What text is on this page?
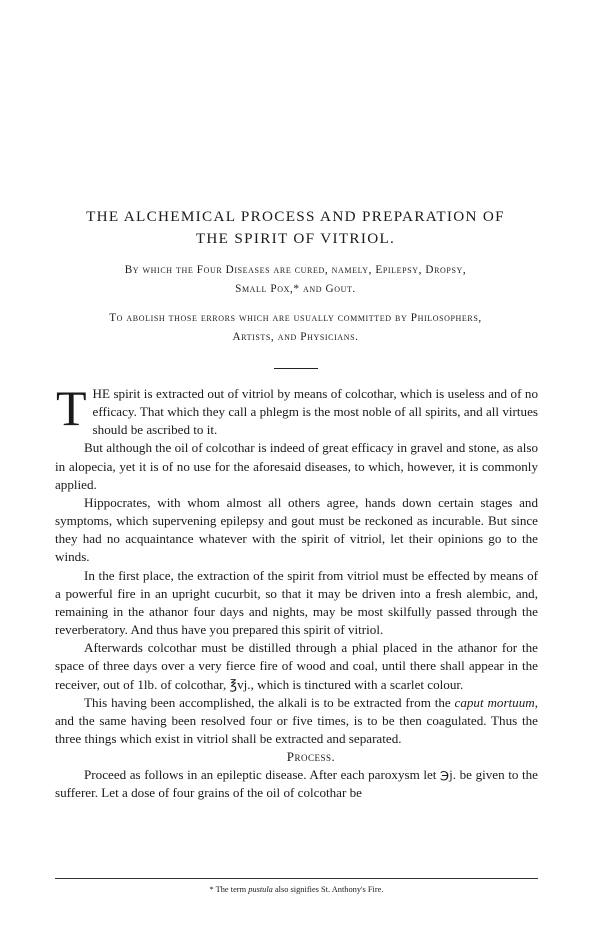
THE ALCHEMICAL PROCESS AND PREPARATION OF
THE SPIRIT OF VITRIOL.

By which the Four Diseases are cured, namely, Epilepsy, Dropsy,
Small Pox,* and Gout.

To abolish those errors which are usually committed by Philosophers,
Artists, and Physicians.

THE spirit is extracted out of vitriol by means of colcothar, which is useless and of no efficacy. That which they call a phlegm is the most noble of all spirits, and all virtues should be ascribed to it.

But although the oil of colcothar is indeed of great efficacy in gravel and stone, as also in alopecia, yet it is of no use for the aforesaid diseases, to which, however, it is commonly applied.

Hippocrates, with whom almost all others agree, hands down certain stages and symptoms, which supervening epilepsy and gout must be reckoned as incurable. But since they had no acquaintance whatever with the spirit of vitriol, let their opinions go to the winds.

In the first place, the extraction of the spirit from vitriol must be effected by means of a powerful fire in an upright cucurbit, so that it may be driven into a fresh alembic, and, remaining in the athanor four days and nights, may be most skilfully passed through the reverberatory. And thus have you prepared this spirit of vitriol.

Afterwards colcothar must be distilled through a phial placed in the athanor for the space of three days over a very fierce fire of wood and coal, until there shall appear in the receiver, out of 1lb. of colcothar, ℥vj., which is tinctured with a scarlet colour.

This having been accomplished, the alkali is to be extracted from the caput mortuum, and the same having been resolved four or five times, is to be then coagulated. Thus the three things which exist in vitriol shall be extracted and separated.

Process.

Proceed as follows in an epileptic disease. After each paroxysm let ℈j. be given to the sufferer. Let a dose of four grains of the oil of colcothar be

* The term pustula also signifies St. Anthony's Fire.
